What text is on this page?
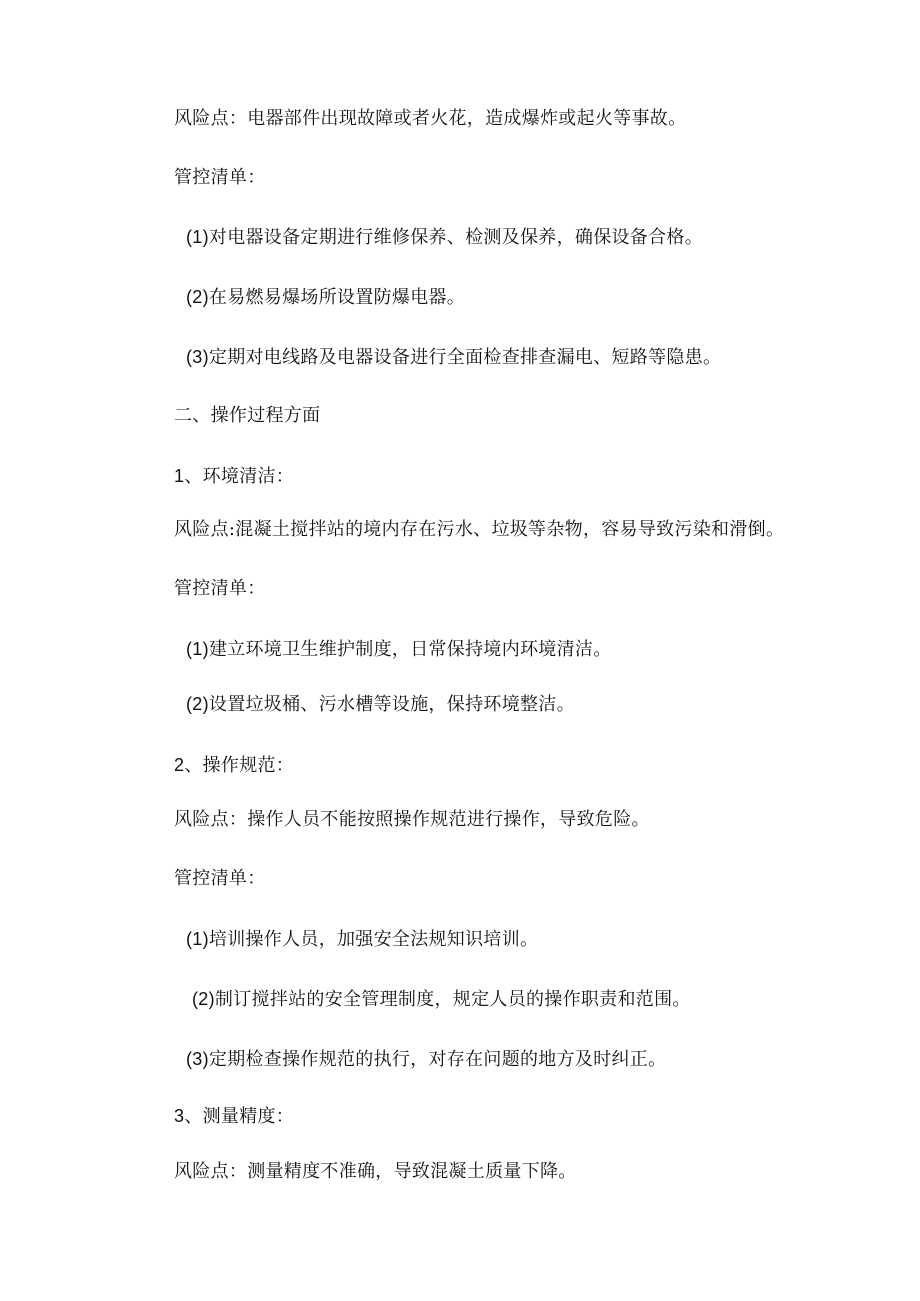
风险点：电器部件出现故障或者火花，造成爆炸或起火等事故。
管控清单：
(1)对电器设备定期进行维修保养、检测及保养，确保设备合格。
(2)在易燃易爆场所设置防爆电器。
(3)定期对电线路及电器设备进行全面检查排查漏电、短路等隐患。
二、操作过程方面
1、环境清洁：
风险点:混凝土搅拌站的境内存在污水、垃圾等杂物，容易导致污染和滑倒。
管控清单：
(1)建立环境卫生维护制度，日常保持境内环境清洁。
(2)设置垃圾桶、污水槽等设施，保持环境整洁。
2、操作规范：
风险点：操作人员不能按照操作规范进行操作，导致危险。
管控清单：
(1)培训操作人员，加强安全法规知识培训。
(2)制订搅拌站的安全管理制度，规定人员的操作职责和范围。
(3)定期检查操作规范的执行，对存在问题的地方及时纠正。
3、测量精度：
风险点：测量精度不准确，导致混凝土质量下降。
